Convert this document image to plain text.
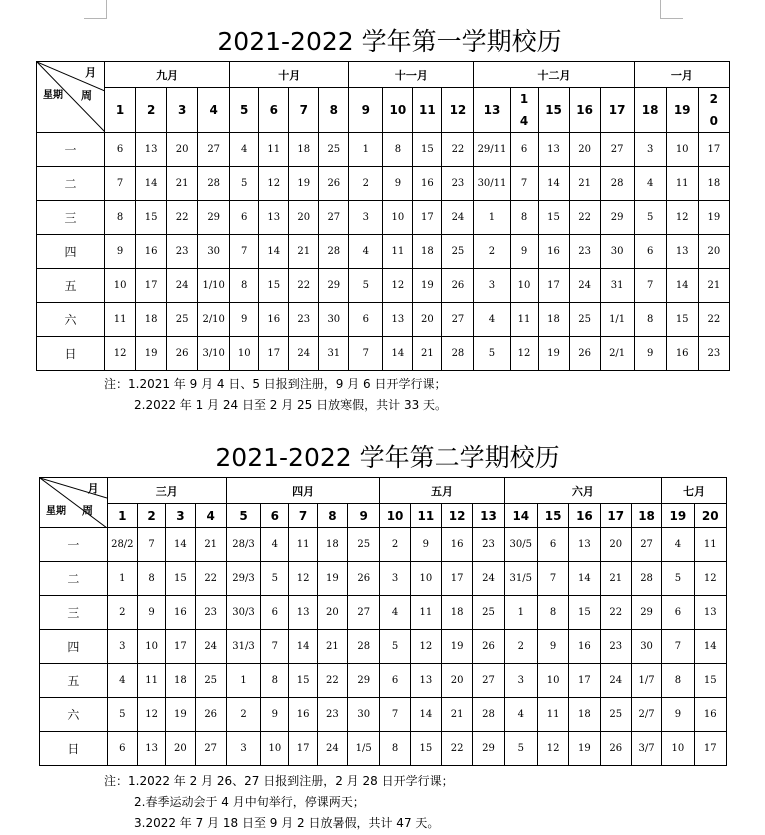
2021-2022 学年第一学期校历
月
星期 周	九月				十月				十一月				十二月					一月		
	1	2	3	4	5	6	7	8	9	10	11	12	13	14	15	16	17	18	19	20
一	6	13	20	27	4	11	18	25	1	8	15	22	29/11	6	13	20	27	3	10	17
二	7	14	21	28	5	12	19	26	2	9	16	23	30/11	7	14	21	28	4	11	18
三	8	15	22	29	6	13	20	27	3	10	17	24	1	8	15	22	29	5	12	19
四	9	16	23	30	7	14	21	28	4	11	18	25	2	9	16	23	30	6	13	20
五	10	17	24	1/10	8	15	22	29	5	12	19	26	3	10	17	24	31	7	14	21
六	11	18	25	2/10	9	16	23	30	6	13	20	27	4	11	18	25	1/1	8	15	22
日	12	19	26	3/10	10	17	24	31	7	14	21	28	5	12	19	26	2/1	9	16	23
注：1.2021 年 9 月 4 日、5 日报到注册，9 月 6 日开学行课；
2.2022 年 1 月 24 日至 2 月 25 日放寒假，共计 33 天。
2021-2022 学年第二学期校历
月
星期 周	三月				四月					五月				六月					七月	
	1	2	3	4	5	6	7	8	9	10	11	12	13	14	15	16	17	18	19	20
一	28/2	7	14	21	28/3	4	11	18	25	2	9	16	23	30/5	6	13	20	27	4	11
二	1	8	15	22	29/3	5	12	19	26	3	10	17	24	31/5	7	14	21	28	5	12
三	2	9	16	23	30/3	6	13	20	27	4	11	18	25	1	8	15	22	29	6	13
四	3	10	17	24	31/3	7	14	21	28	5	12	19	26	2	9	16	23	30	7	14
五	4	11	18	25	1	8	15	22	29	6	13	20	27	3	10	17	24	1/7	8	15
六	5	12	19	26	2	9	16	23	30	7	14	21	28	4	11	18	25	2/7	9	16
日	6	13	20	27	3	10	17	24	1/5	8	15	22	29	5	12	19	26	3/7	10	17
注：1.2022 年 2 月 26、27 日报到注册，2 月 28 日开学行课；
2.春季运动会于 4 月中旬举行，停课两天；
3.2022 年 7 月 18 日至 9 月 2 日放暑假，共计 47 天。
